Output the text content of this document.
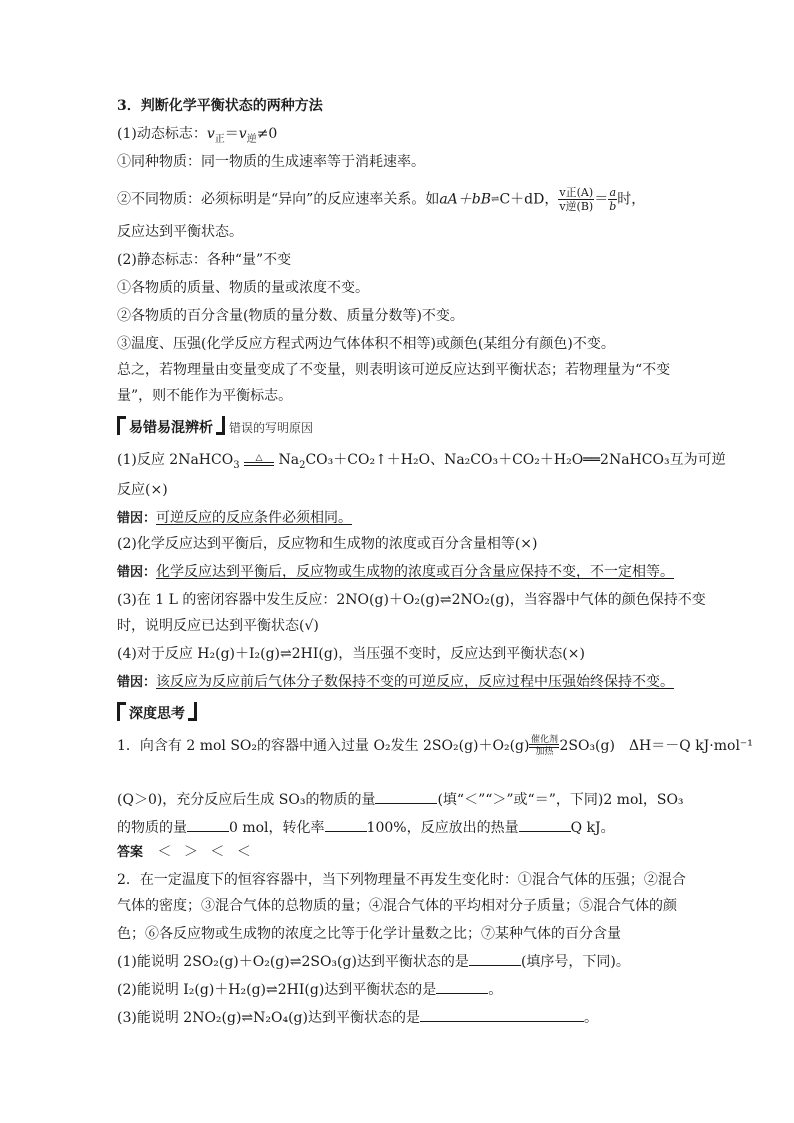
3．判断化学平衡状态的两种方法
(1)动态标志：$v_正=v_逆\ne 0$
①同种物质：同一物质的生成速率等于消耗速率。
②不同物质：必须标明是“异向”的反应速率关系。如aA＋bB⇌C＋dD， $\frac{\text{v正(A)}}{\text{v逆(B)}} = \frac{a}{b}$ 时，
反应达到平衡状态。
(2)静态标志：各种“量”不变
①各物质的质量、物质的量或浓度不变。
②各物质的百分含量(物质的量分数、质量分数等)不变。
③温度、压强(化学反应方程式两边气体体积不相等)或颜色(某组分有颜色)不变。
总之，若物理量由变量变成了不变量，则表明该可逆反应达到平衡状态；若物理量为“不变
量”，则不能作为平衡标志。
易错易混辨析 错误的写明原因
(1)反应 2NaHCO$_3$ △ $Na_2CO_3+CO_2↑+H_2O$、Na₂CO₃＋CO₂＋H₂O══2NaHCO₃互为可逆
反应(×)
错因：可逆反应的反应条件必须相同。
(2)化学反应达到平衡后，反应物和生成物的浓度或百分含量相等(×)
错因：化学反应达到平衡后，反应物或生成物的浓度或百分含量应保持不变，不一定相等。
(3)在 1 L 的密闭容器中发生反应：2NO(g)＋O₂(g)⇌2NO₂(g)，当容器中气体的颜色保持不变
时，说明反应已达到平衡状态(√)
(4)对于反应 H₂(g)＋I₂(g)⇌2HI(g)，当压强不变时，反应达到平衡状态(×)
错因：该反应为反应前后气体分子数保持不变的可逆反应，反应过程中压强始终保持不变。
深度思考
1．向含有 2 mol SO₂的容器中通入过量 O₂发生 2SO₂(g)＋O₂(g)催化剂
加热 2SO₃(g)　ΔH＝－Q kJ·mol⁻¹
(Q＞0)，充分反应后生成 SO₃的物质的量	(填“＜”“＞”或“＝”，下同)2 mol，SO₃
的物质的量	0 mol，转化率	100%，反应放出的热量	Q kJ。
答案 ＜ ＞ ＜ ＜
2．在一定温度下的恒容容器中，当下列物理量不再发生变化时：①混合气体的压强；②混合
气体的密度；③混合气体的总物质的量；④混合气体的平均相对分子质量；⑤混合气体的颜
色；⑥各反应物或生成物的浓度之比等于化学计量数之比；⑦某种气体的百分含量
(1)能说明 2SO₂(g)＋O₂(g)⇌2SO₃(g)达到平衡状态的是	(填序号，下同)。
(2)能说明 I₂(g)＋H₂(g)⇌2HI(g)达到平衡状态的是	。
(3)能说明 2NO₂(g)⇌N₂O₄(g)达到平衡状态的是	。
